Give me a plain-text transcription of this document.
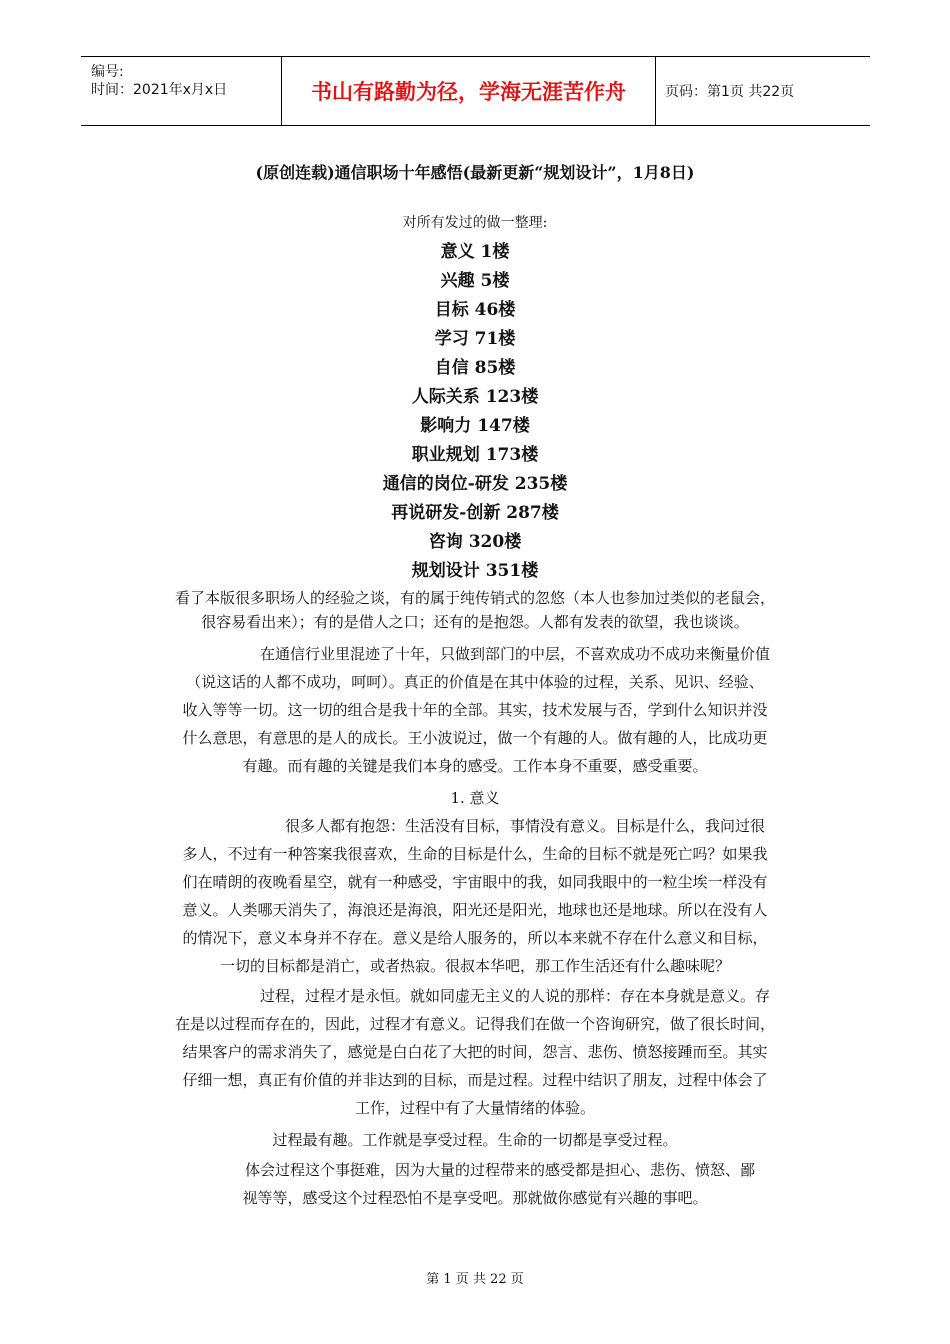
编号:
时间：2021年x月x日	书山有路勤为径，学海无涯苦作舟	页码：第1页 共22页
(原创连载)通信职场十年感悟(最新更新“规划设计”，1月8日)
对所有发过的做一整理:
意义 1楼
兴趣 5楼
目标 46楼
学习 71楼
自信 85楼
人际关系 123楼
影响力 147楼
职业规划 173楼
通信的岗位-研发 235楼
再说研发-创新 287楼
咨询 320楼
规划设计 351楼
看了本版很多职场人的经验之谈，有的属于纯传销式的忽悠（本人也参加过类似的老鼠会，
很容易看出来）；有的是借人之口；还有的是抱怨。人都有发表的欲望，我也谈谈。
在通信行业里混迹了十年，只做到部门的中层，不喜欢成功不成功来衡量价值
（说这话的人都不成功，呵呵）。真正的价值是在其中体验的过程，关系、见识、经验、
收入等等一切。这一切的组合是我十年的全部。其实，技术发展与否，学到什么知识并没
什么意思，有意思的是人的成长。王小波说过，做一个有趣的人。做有趣的人，比成功更
有趣。而有趣的关键是我们本身的感受。工作本身不重要，感受重要。
1. 意义
很多人都有抱怨：生活没有目标，事情没有意义。目标是什么，我问过很
多人，不过有一种答案我很喜欢，生命的目标是什么，生命的目标不就是死亡吗？如果我
们在晴朗的夜晚看星空，就有一种感受，宇宙眼中的我，如同我眼中的一粒尘埃一样没有
意义。人类哪天消失了，海浪还是海浪，阳光还是阳光，地球也还是地球。所以在没有人
的情况下，意义本身并不存在。意义是给人服务的，所以本来就不存在什么意义和目标，
一切的目标都是消亡，或者热寂。很叔本华吧，那工作生活还有什么趣味呢？
过程，过程才是永恒。就如同虚无主义的人说的那样：存在本身就是意义。存
在是以过程而存在的，因此，过程才有意义。记得我们在做一个咨询研究，做了很长时间，
结果客户的需求消失了，感觉是白白花了大把的时间，怨言、悲伤、愤怒接踵而至。其实
仔细一想，真正有价值的并非达到的目标，而是过程。过程中结识了朋友，过程中体会了
工作，过程中有了大量情绪的体验。
过程最有趣。工作就是享受过程。生命的一切都是享受过程。
体会过程这个事挺难，因为大量的过程带来的感受都是担心、悲伤、愤怒、鄙
视等等，感受这个过程恐怕不是享受吧。那就做你感觉有兴趣的事吧。
第 1 页 共 22 页
